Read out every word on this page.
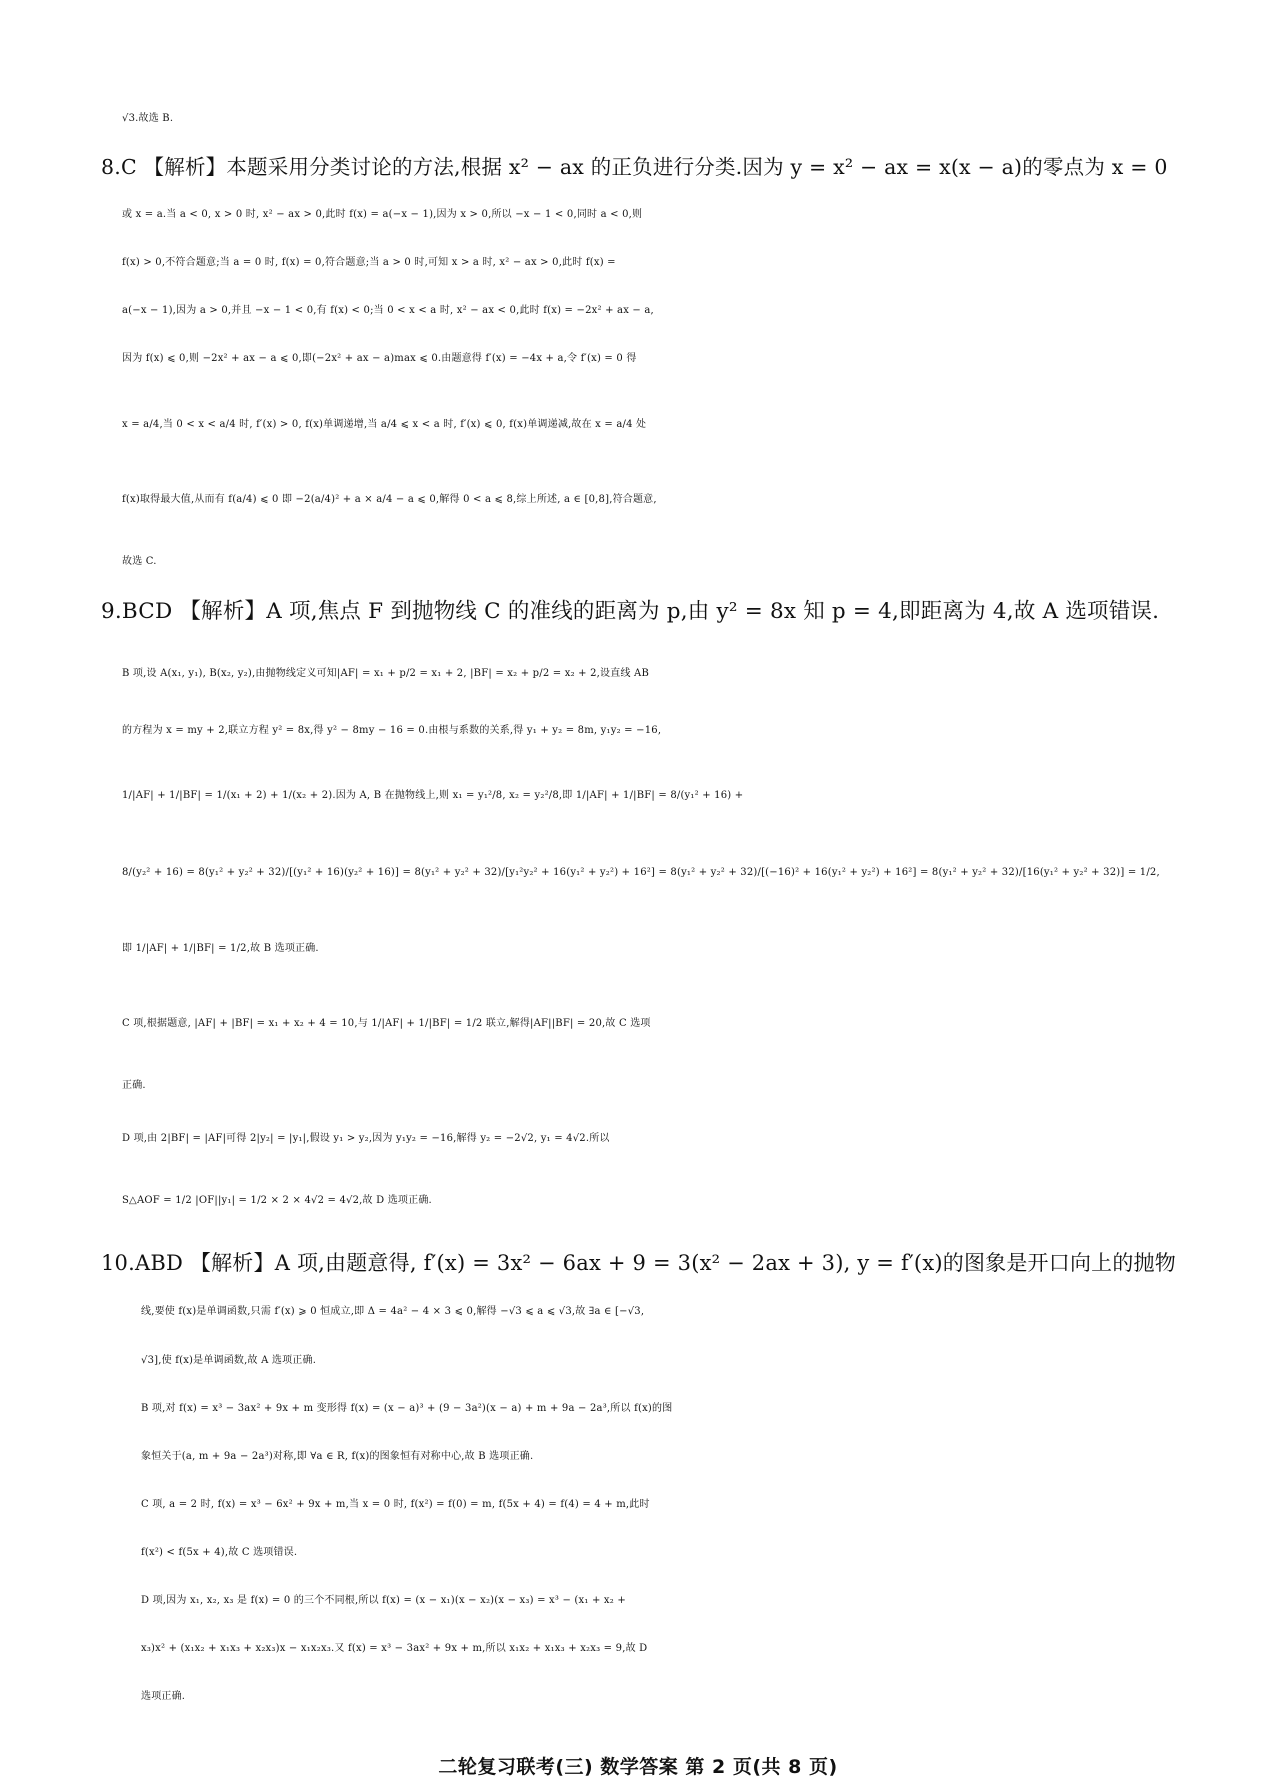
√3.故选 B.
8.C 【解析】本题采用分类讨论的方法,根据 x² − ax 的正负进行分类.因为 y = x² − ax = x(x − a)的零点为 x = 0
或 x = a.当 a < 0, x > 0 时, x² − ax > 0,此时 f(x) = a(−x − 1),因为 x > 0,所以 −x − 1 < 0,同时 a < 0,则
f(x) > 0,不符合题意;当 a = 0 时, f(x) = 0,符合题意;当 a > 0 时,可知 x > a 时, x² − ax > 0,此时 f(x) =
a(−x − 1),因为 a > 0,并且 −x − 1 < 0,有 f(x) < 0;当 0 < x < a 时, x² − ax < 0,此时 f(x) = −2x² + ax − a,
因为 f(x) ⩽ 0,则 −2x² + ax − a ⩽ 0,即(−2x² + ax − a)max ⩽ 0.由题意得 f′(x) = −4x + a,令 f′(x) = 0 得
x = a/4,当 0 < x < a/4 时, f′(x) > 0, f(x)单调递增,当 a/4 ⩽ x < a 时, f′(x) ⩽ 0, f(x)单调递减,故在 x = a/4 处
f(x)取得最大值,从而有 f(a/4) ⩽ 0 即 −2(a/4)² + a × a/4 − a ⩽ 0,解得 0 < a ⩽ 8,综上所述, a ∈ [0,8],符合题意,
故选 C.
9.BCD 【解析】A 项,焦点 F 到抛物线 C 的准线的距离为 p,由 y² = 8x 知 p = 4,即距离为 4,故 A 选项错误.
B 项,设 A(x₁, y₁), B(x₂, y₂),由抛物线定义可知|AF| = x₁ + p/2 = x₁ + 2, |BF| = x₂ + p/2 = x₂ + 2,设直线 AB
的方程为 x = my + 2,联立方程 y² = 8x,得 y² − 8my − 16 = 0.由根与系数的关系,得 y₁ + y₂ = 8m, y₁y₂ = −16,
1/|AF| + 1/|BF| = 1/(x₁ + 2) + 1/(x₂ + 2).因为 A, B 在抛物线上,则 x₁ = y₁²/8, x₂ = y₂²/8,即 1/|AF| + 1/|BF| = 8/(y₁² + 16) +
8/(y₂² + 16) = 8(y₁² + y₂² + 32)/[(y₁² + 16)(y₂² + 16)] = 8(y₁² + y₂² + 32)/[y₁²y₂² + 16(y₁² + y₂²) + 16²] = 8(y₁² + y₂² + 32)/[(−16)² + 16(y₁² + y₂²) + 16²] = 8(y₁² + y₂² + 32)/[16(y₁² + y₂² + 32)] = 1/2,
即 1/|AF| + 1/|BF| = 1/2,故 B 选项正确.
C 项,根据题意, |AF| + |BF| = x₁ + x₂ + 4 = 10,与 1/|AF| + 1/|BF| = 1/2 联立,解得|AF||BF| = 20,故 C 选项
正确.
D 项,由 2|BF| = |AF|可得 2|y₂| = |y₁|,假设 y₁ > y₂,因为 y₁y₂ = −16,解得 y₂ = −2√2, y₁ = 4√2.所以
S△AOF = 1/2 |OF||y₁| = 1/2 × 2 × 4√2 = 4√2,故 D 选项正确.
10.ABD 【解析】A 项,由题意得, f′(x) = 3x² − 6ax + 9 = 3(x² − 2ax + 3), y = f′(x)的图象是开口向上的抛物
线,要使 f(x)是单调函数,只需 f′(x) ⩾ 0 恒成立,即 Δ = 4a² − 4 × 3 ⩽ 0,解得 −√3 ⩽ a ⩽ √3,故 ∃a ∈ [−√3,
√3],使 f(x)是单调函数,故 A 选项正确.
B 项,对 f(x) = x³ − 3ax² + 9x + m 变形得 f(x) = (x − a)³ + (9 − 3a²)(x − a) + m + 9a − 2a³,所以 f(x)的图
象恒关于(a, m + 9a − 2a³)对称,即 ∀a ∈ R, f(x)的图象恒有对称中心,故 B 选项正确.
C 项, a = 2 时, f(x) = x³ − 6x² + 9x + m,当 x = 0 时, f(x²) = f(0) = m, f(5x + 4) = f(4) = 4 + m,此时
f(x²) < f(5x + 4),故 C 选项错误.
D 项,因为 x₁, x₂, x₃ 是 f(x) = 0 的三个不同根,所以 f(x) = (x − x₁)(x − x₂)(x − x₃) = x³ − (x₁ + x₂ +
x₃)x² + (x₁x₂ + x₁x₃ + x₂x₃)x − x₁x₂x₃.又 f(x) = x³ − 3ax² + 9x + m,所以 x₁x₂ + x₁x₃ + x₂x₃ = 9,故 D
选项正确.
二轮复习联考(三) 数学答案 第 2 页(共 8 页)
